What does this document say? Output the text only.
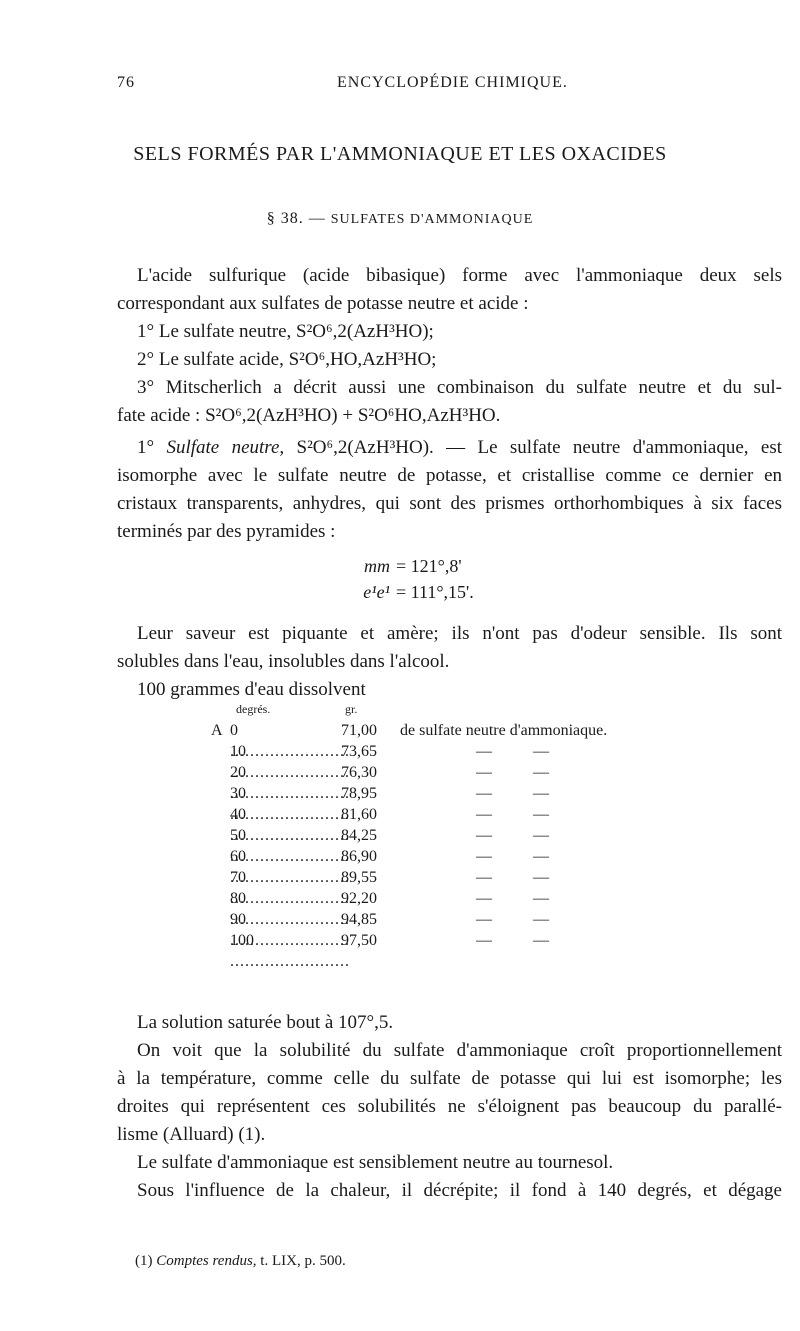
76	ENCYCLOPÉDIE CHIMIQUE.
SELS FORMÉS PAR L'AMMONIAQUE ET LES OXACIDES
§ 38. — SULFATES D'AMMONIAQUE
L'acide sulfurique (acide bibasique) forme avec l'ammoniaque deux sels
correspondant aux sulfates de potasse neutre et acide :
1° Le sulfate neutre, S²O⁶,2(AzH³HO);
2° Le sulfate acide, S²O⁶,HO,AzH³HO;
3° Mitscherlich a décrit aussi une combinaison du sulfate neutre et du sul-
fate acide : S²O⁶,2(AzH³HO) + S²O⁶HO,AzH³HO.
1° Sulfate neutre, S²O⁶,2(AzH³HO). — Le sulfate neutre d'ammoniaque, est
isomorphe avec le sulfate neutre de potasse, et cristallise comme ce dernier en
cristaux transparents, anhydres, qui sont des prismes orthorhombiques à six faces
terminés par des pyramides :
mm = 121°,8'
e¹e¹ = 111°,15'.
Leur saveur est piquante et amère; ils n'ont pas d'odeur sensible. Ils sont
solubles dans l'eau, insolubles dans l'alcool.
100 grammes d'eau dissolvent
degrés.	gr.
A 0 .....	71,00 de sulfate neutre d'ammoniaque.
10 .....	73,65	—	—
20 .....	76,30	—	—
30 .....	78,95	—	—
40 .....	81,60	—	—
50 .....	84,25	—	—
60 .....	86,90	—	—
70 .....	89,55	—	—
80 .....	92,20	—	—
90 .....	94,85	—	—
100 .....	97,50	—	—
La solution saturée bout à 107°,5.
On voit que la solubilité du sulfate d'ammoniaque croît proportionnellement
à la température, comme celle du sulfate de potasse qui lui est isomorphe; les
droites qui représentent ces solubilités ne s'éloignent pas beaucoup du parallé-
lisme (Alluard) (1).
Le sulfate d'ammoniaque est sensiblement neutre au tournesol.
Sous l'influence de la chaleur, il décrépite; il fond à 140 degrés, et dégage
(1) Comptes rendus, t. LIX, p. 500.
